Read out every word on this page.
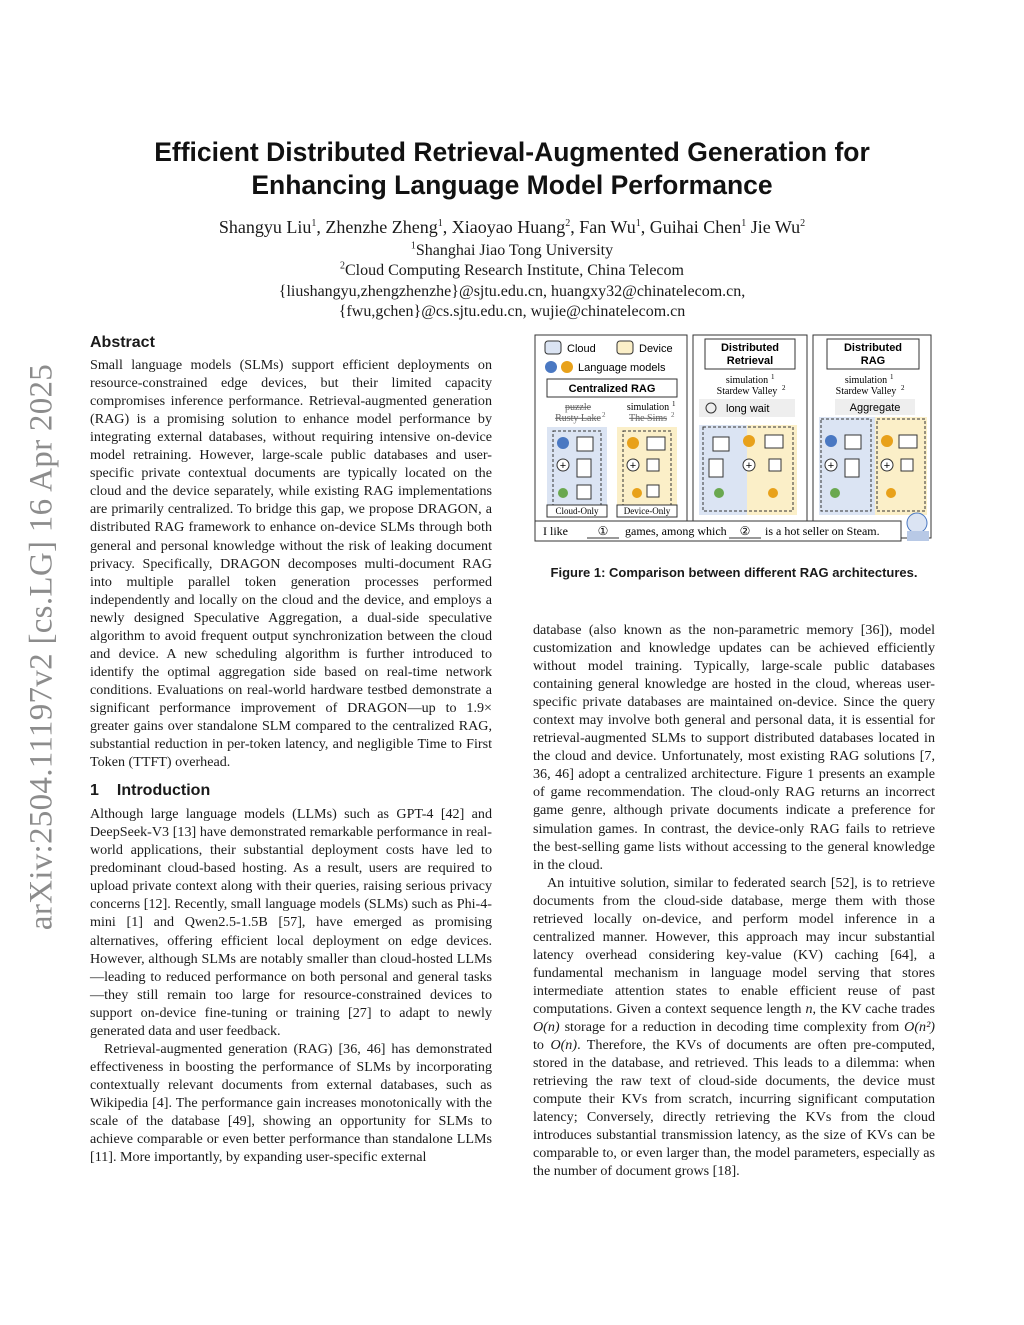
arXiv:2504.11197v2 [cs.LG] 16 Apr 2025
Efficient Distributed Retrieval-Augmented Generation for
Enhancing Language Model Performance
Shangyu Liu$^1$, Zhenzhe Zheng$^1$, Xiaoyao Huang$^2$, Fan Wu$^1$, Guihai Chen$^1$ Jie Wu$^2$
$^1$Shanghai Jiao Tong University
$^2$Cloud Computing Research Institute, China Telecom
{liushangyu,zhengzhenzhe}@sjtu.edu.cn, huangxy32@chinatelecom.cn,
{fwu,gchen}@cs.sjtu.edu.cn, wujie@chinatelecom.cn
Abstract

Small language models (SLMs) support efficient deployments on resource-constrained edge devices, but their limited capacity compromises inference performance. Retrieval-augmented generation (RAG) is a promising solution to enhance model performance by integrating external databases, without requiring intensive on-device model retraining. However, large-scale public databases and user-specific private contextual documents are typically located on the cloud and the device separately, while existing RAG implementations are primarily centralized. To bridge this gap, we propose DRAGON, a distributed RAG framework to enhance on-device SLMs through both general and personal knowledge without the risk of leaking document privacy. Specifically, DRAGON decomposes multi-document RAG into multiple parallel token generation processes performed independently and locally on the cloud and the device, and employs a newly designed Speculative Aggregation, a dual-side speculative algorithm to avoid frequent output synchronization between the cloud and device. A new scheduling algorithm is further introduced to identify the optimal aggregation side based on real-time network conditions. Evaluations on real-world hardware testbed demonstrate a significant performance improvement of DRAGON—up to 1.9× greater gains over standalone SLM compared to the centralized RAG, substantial reduction in per-token latency, and negligible Time to First Token (TTFT) overhead.

1 Introduction

Although large language models (LLMs) such as GPT-4 [42] and DeepSeek-V3 [13] have demonstrated remarkable performance in real-world applications, their substantial deployment costs have led to predominant cloud-based hosting. As a result, users are required to upload private context along with their queries, raising serious privacy concerns [12]. Recently, small language models (SLMs) such as Phi-4-mini [1] and Qwen2.5-1.5B [57], have emerged as promising alternatives, offering efficient local deployment on edge devices. However, although SLMs are notably smaller than cloud-hosted LLMs—leading to reduced performance on both personal and general tasks—they still remain too large for resource-constrained devices to support on-device fine-tuning or training [27] to adapt to newly generated data and user feedback.

Retrieval-augmented generation (RAG) [36, 46] has demonstrated effectiveness in boosting the performance of SLMs by incorporating contextually relevant documents from external databases, such as Wikipedia [4]. The performance gain increases monotonically with the scale of the database [49], showing an opportunity for SLMs to achieve comparable or even better performance than standalone LLMs [11]. More importantly, by expanding user-specific external

Cloud	Device
Language models
Centralized RAG
puzzle
Rusty Lake 2
simulation 1
The Sims 2
+
Cloud-Only
+
Device-Only
Distributed
Retrieval
simulation 1
Stardew Valley 2
long wait
+
Distributed
RAG
simulation 1
Stardew Valley 2
Aggregate
+	+
I like ① games, among which ② is a hot seller on Steam.
Figure 1: Comparison between different RAG architectures.

database (also known as the non-parametric memory [36]), model customization and knowledge updates can be achieved efficiently without model training. Typically, large-scale public databases containing general knowledge are hosted in the cloud, whereas user-specific private databases are maintained on-device. Since the query context may involve both general and personal data, it is essential for retrieval-augmented SLMs to support distributed databases located in the cloud and device. Unfortunately, most existing RAG solutions [7, 36, 46] adopt a centralized architecture. Figure 1 presents an example of game recommendation. The cloud-only RAG returns an incorrect game genre, although private documents indicate a preference for simulation games. In contrast, the device-only RAG fails to retrieve the best-selling game lists without accessing to the general knowledge in the cloud.

An intuitive solution, similar to federated search [52], is to retrieve documents from the cloud-side database, merge them with those retrieved locally on-device, and perform model inference in a centralized manner. However, this approach may incur substantial latency overhead considering key-value (KV) caching [64], a fundamental mechanism in language model serving that stores intermediate attention states to enable efficient reuse of past computations. Given a context sequence length n, the KV cache trades O(n) storage for a reduction in decoding time complexity from O(n²) to O(n). Therefore, the KVs of documents are often pre-computed, stored in the database, and retrieved. This leads to a dilemma: when retrieving the raw text of cloud-side documents, the device must compute their KVs from scratch, incurring significant computation latency; Conversely, directly retrieving the KVs from the cloud introduces substantial transmission latency, as the size of KVs can be comparable to, or even larger than, the model parameters, especially as the number of document grows [18].
